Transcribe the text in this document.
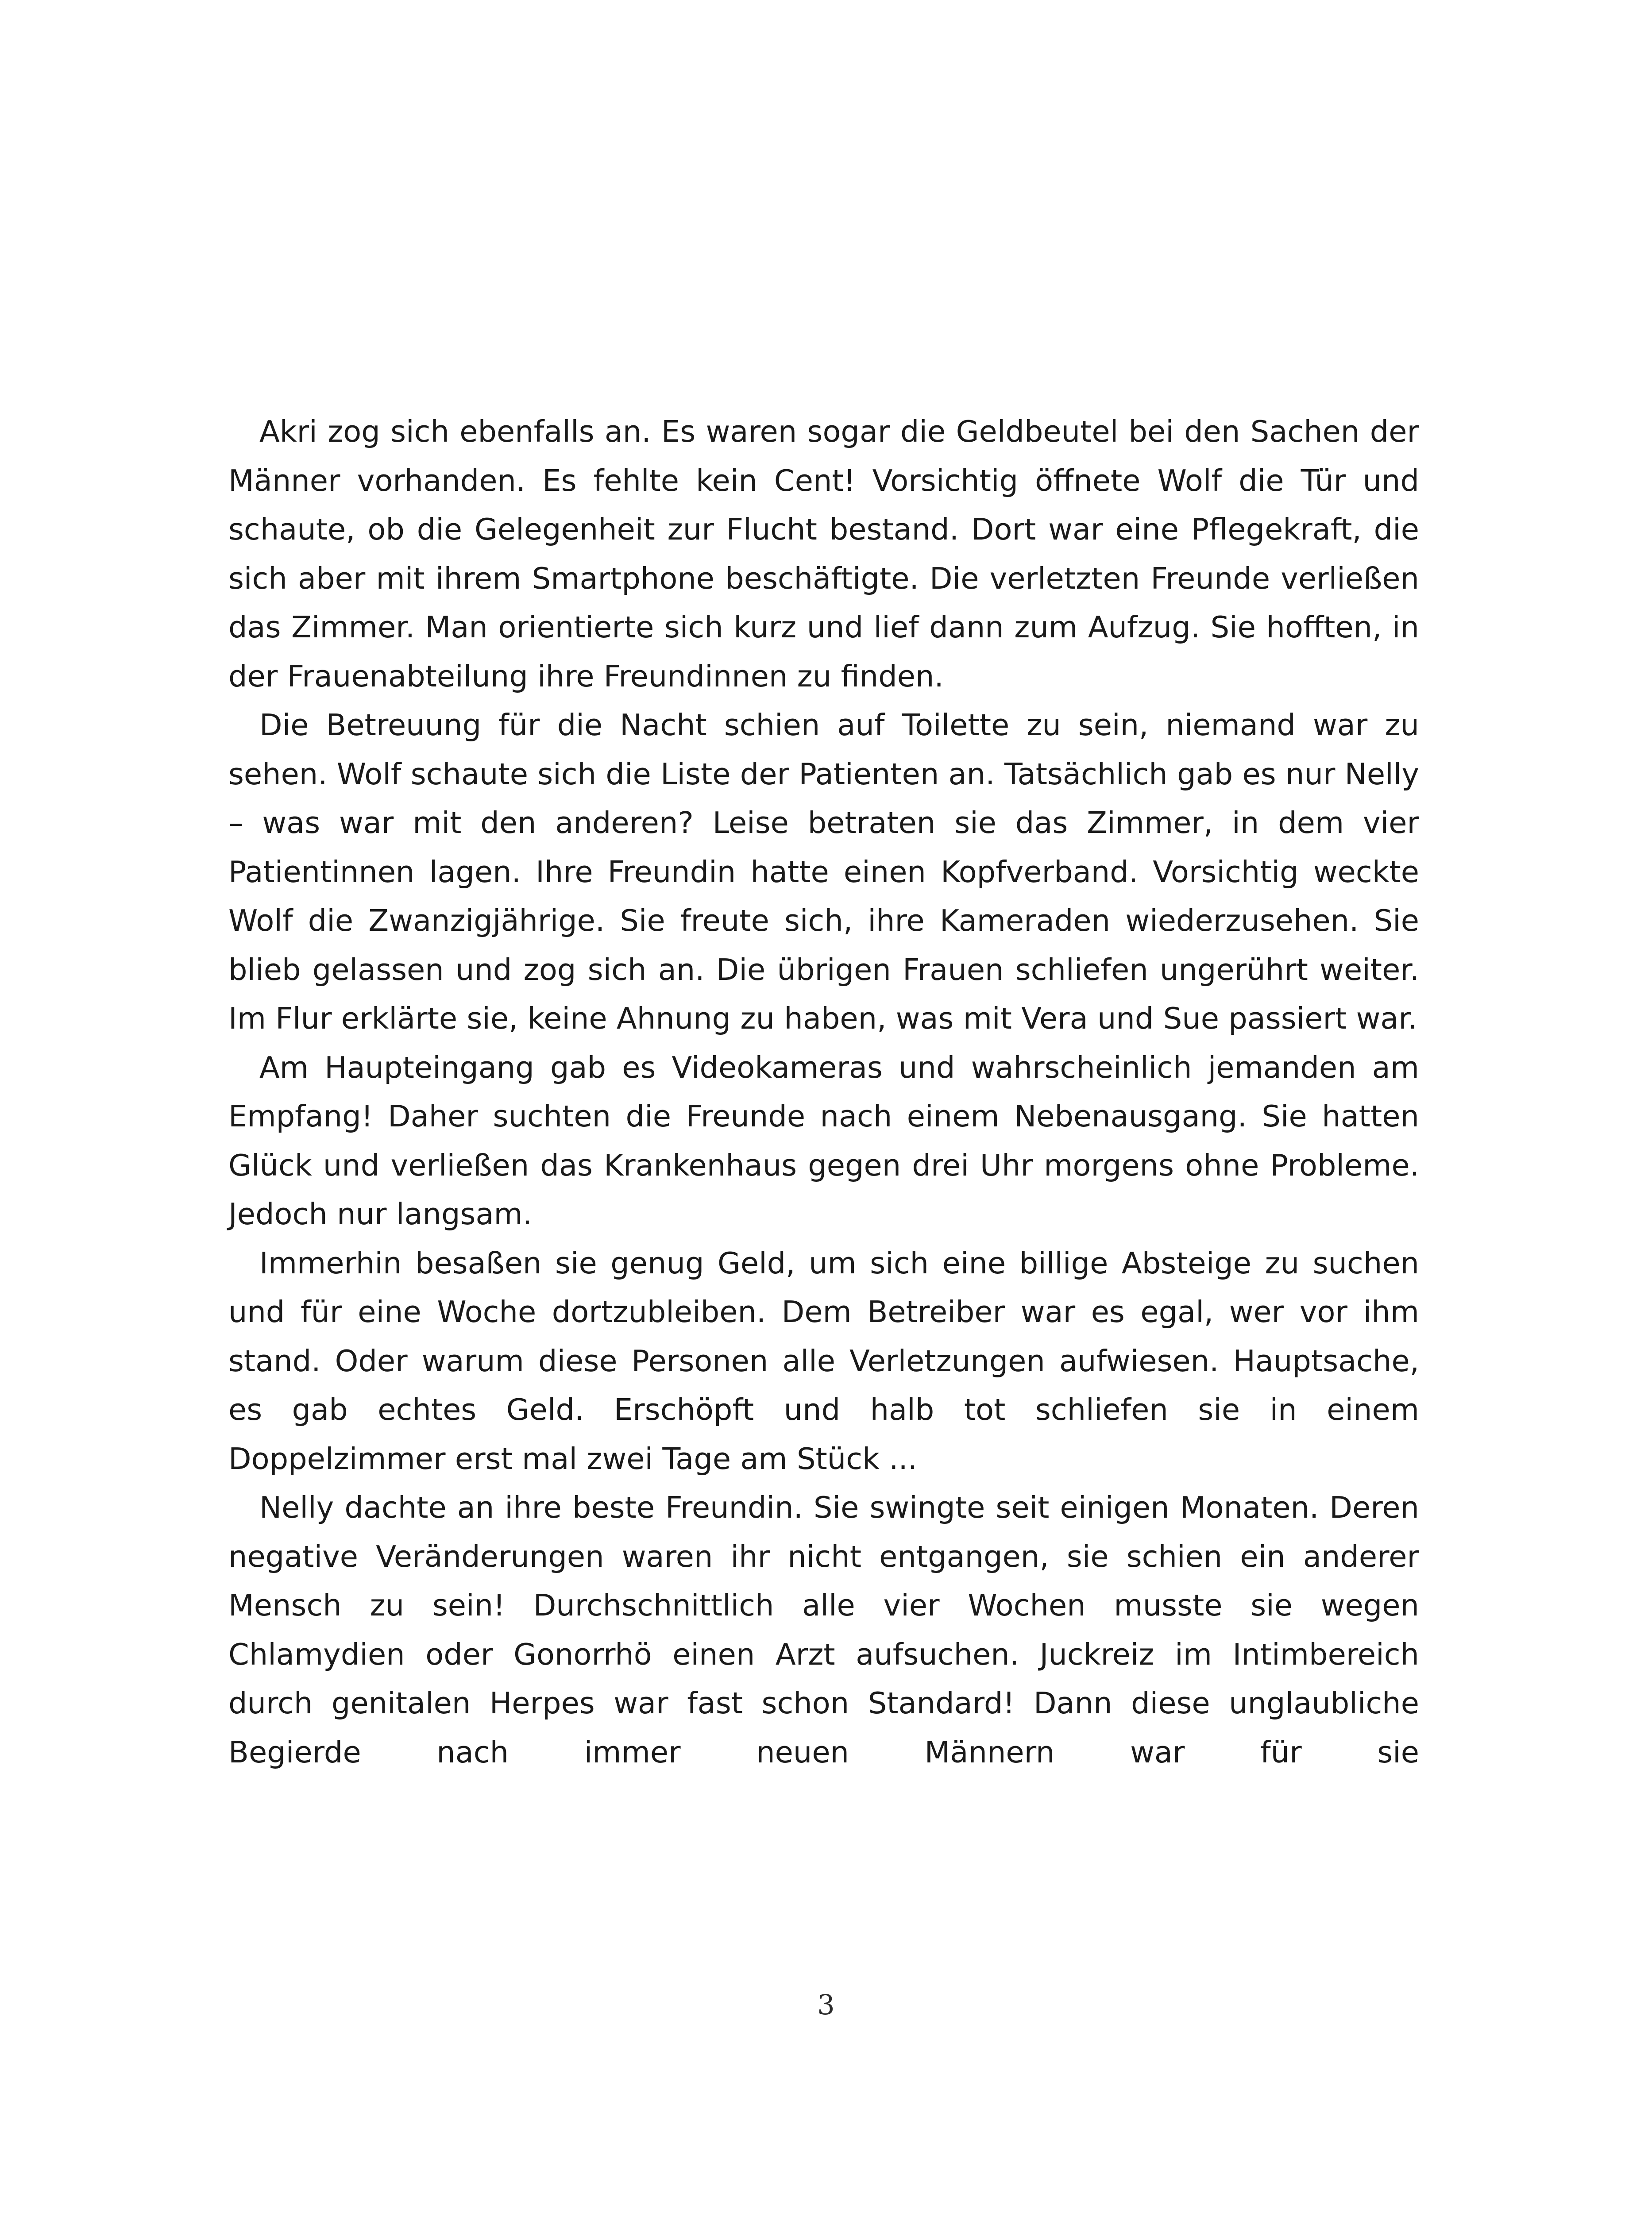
Akri zog sich ebenfalls an. Es waren sogar die Geldbeutel bei den Sachen der Männer vorhanden. Es fehlte kein Cent! Vorsichtig öffnete Wolf die Tür und schaute, ob die Gelegenheit zur Flucht bestand. Dort war eine Pflegekraft, die sich aber mit ihrem Smartphone beschäftigte. Die verletzten Freunde verließen das Zimmer. Man orientierte sich kurz und lief dann zum Aufzug. Sie hofften, in der Frauenabteilung ihre Freundinnen zu finden.

Die Betreuung für die Nacht schien auf Toilette zu sein, niemand war zu sehen. Wolf schaute sich die Liste der Patienten an. Tatsächlich gab es nur Nelly – was war mit den anderen? Leise betraten sie das Zimmer, in dem vier Patientinnen lagen. Ihre Freundin hatte einen Kopfverband. Vorsichtig weckte Wolf die Zwanzigjährige. Sie freute sich, ihre Kameraden wiederzusehen. Sie blieb gelassen und zog sich an. Die übrigen Frauen schliefen ungerührt weiter. Im Flur erklärte sie, keine Ahnung zu haben, was mit Vera und Sue passiert war.

Am Haupteingang gab es Videokameras und wahrscheinlich jemanden am Empfang! Daher suchten die Freunde nach einem Nebenausgang. Sie hatten Glück und verließen das Krankenhaus gegen drei Uhr morgens ohne Probleme. Jedoch nur langsam.

Immerhin besaßen sie genug Geld, um sich eine billige Absteige zu suchen und für eine Woche dortzubleiben. Dem Betreiber war es egal, wer vor ihm stand. Oder warum diese Personen alle Verletzungen aufwiesen. Hauptsache, es gab echtes Geld. Erschöpft und halb tot schliefen sie in einem Doppelzimmer erst mal zwei Tage am Stück ...

Nelly dachte an ihre beste Freundin. Sie swingte seit einigen Monaten. Deren negative Veränderungen waren ihr nicht entgangen, sie schien ein anderer Mensch zu sein! Durchschnittlich alle vier Wochen musste sie wegen Chlamydien oder Gonorrhö einen Arzt aufsuchen. Juckreiz im Intimbereich durch genitalen Herpes war fast schon Standard! Dann diese unglaubliche Begierde nach immer neuen Männern war für sie

3
